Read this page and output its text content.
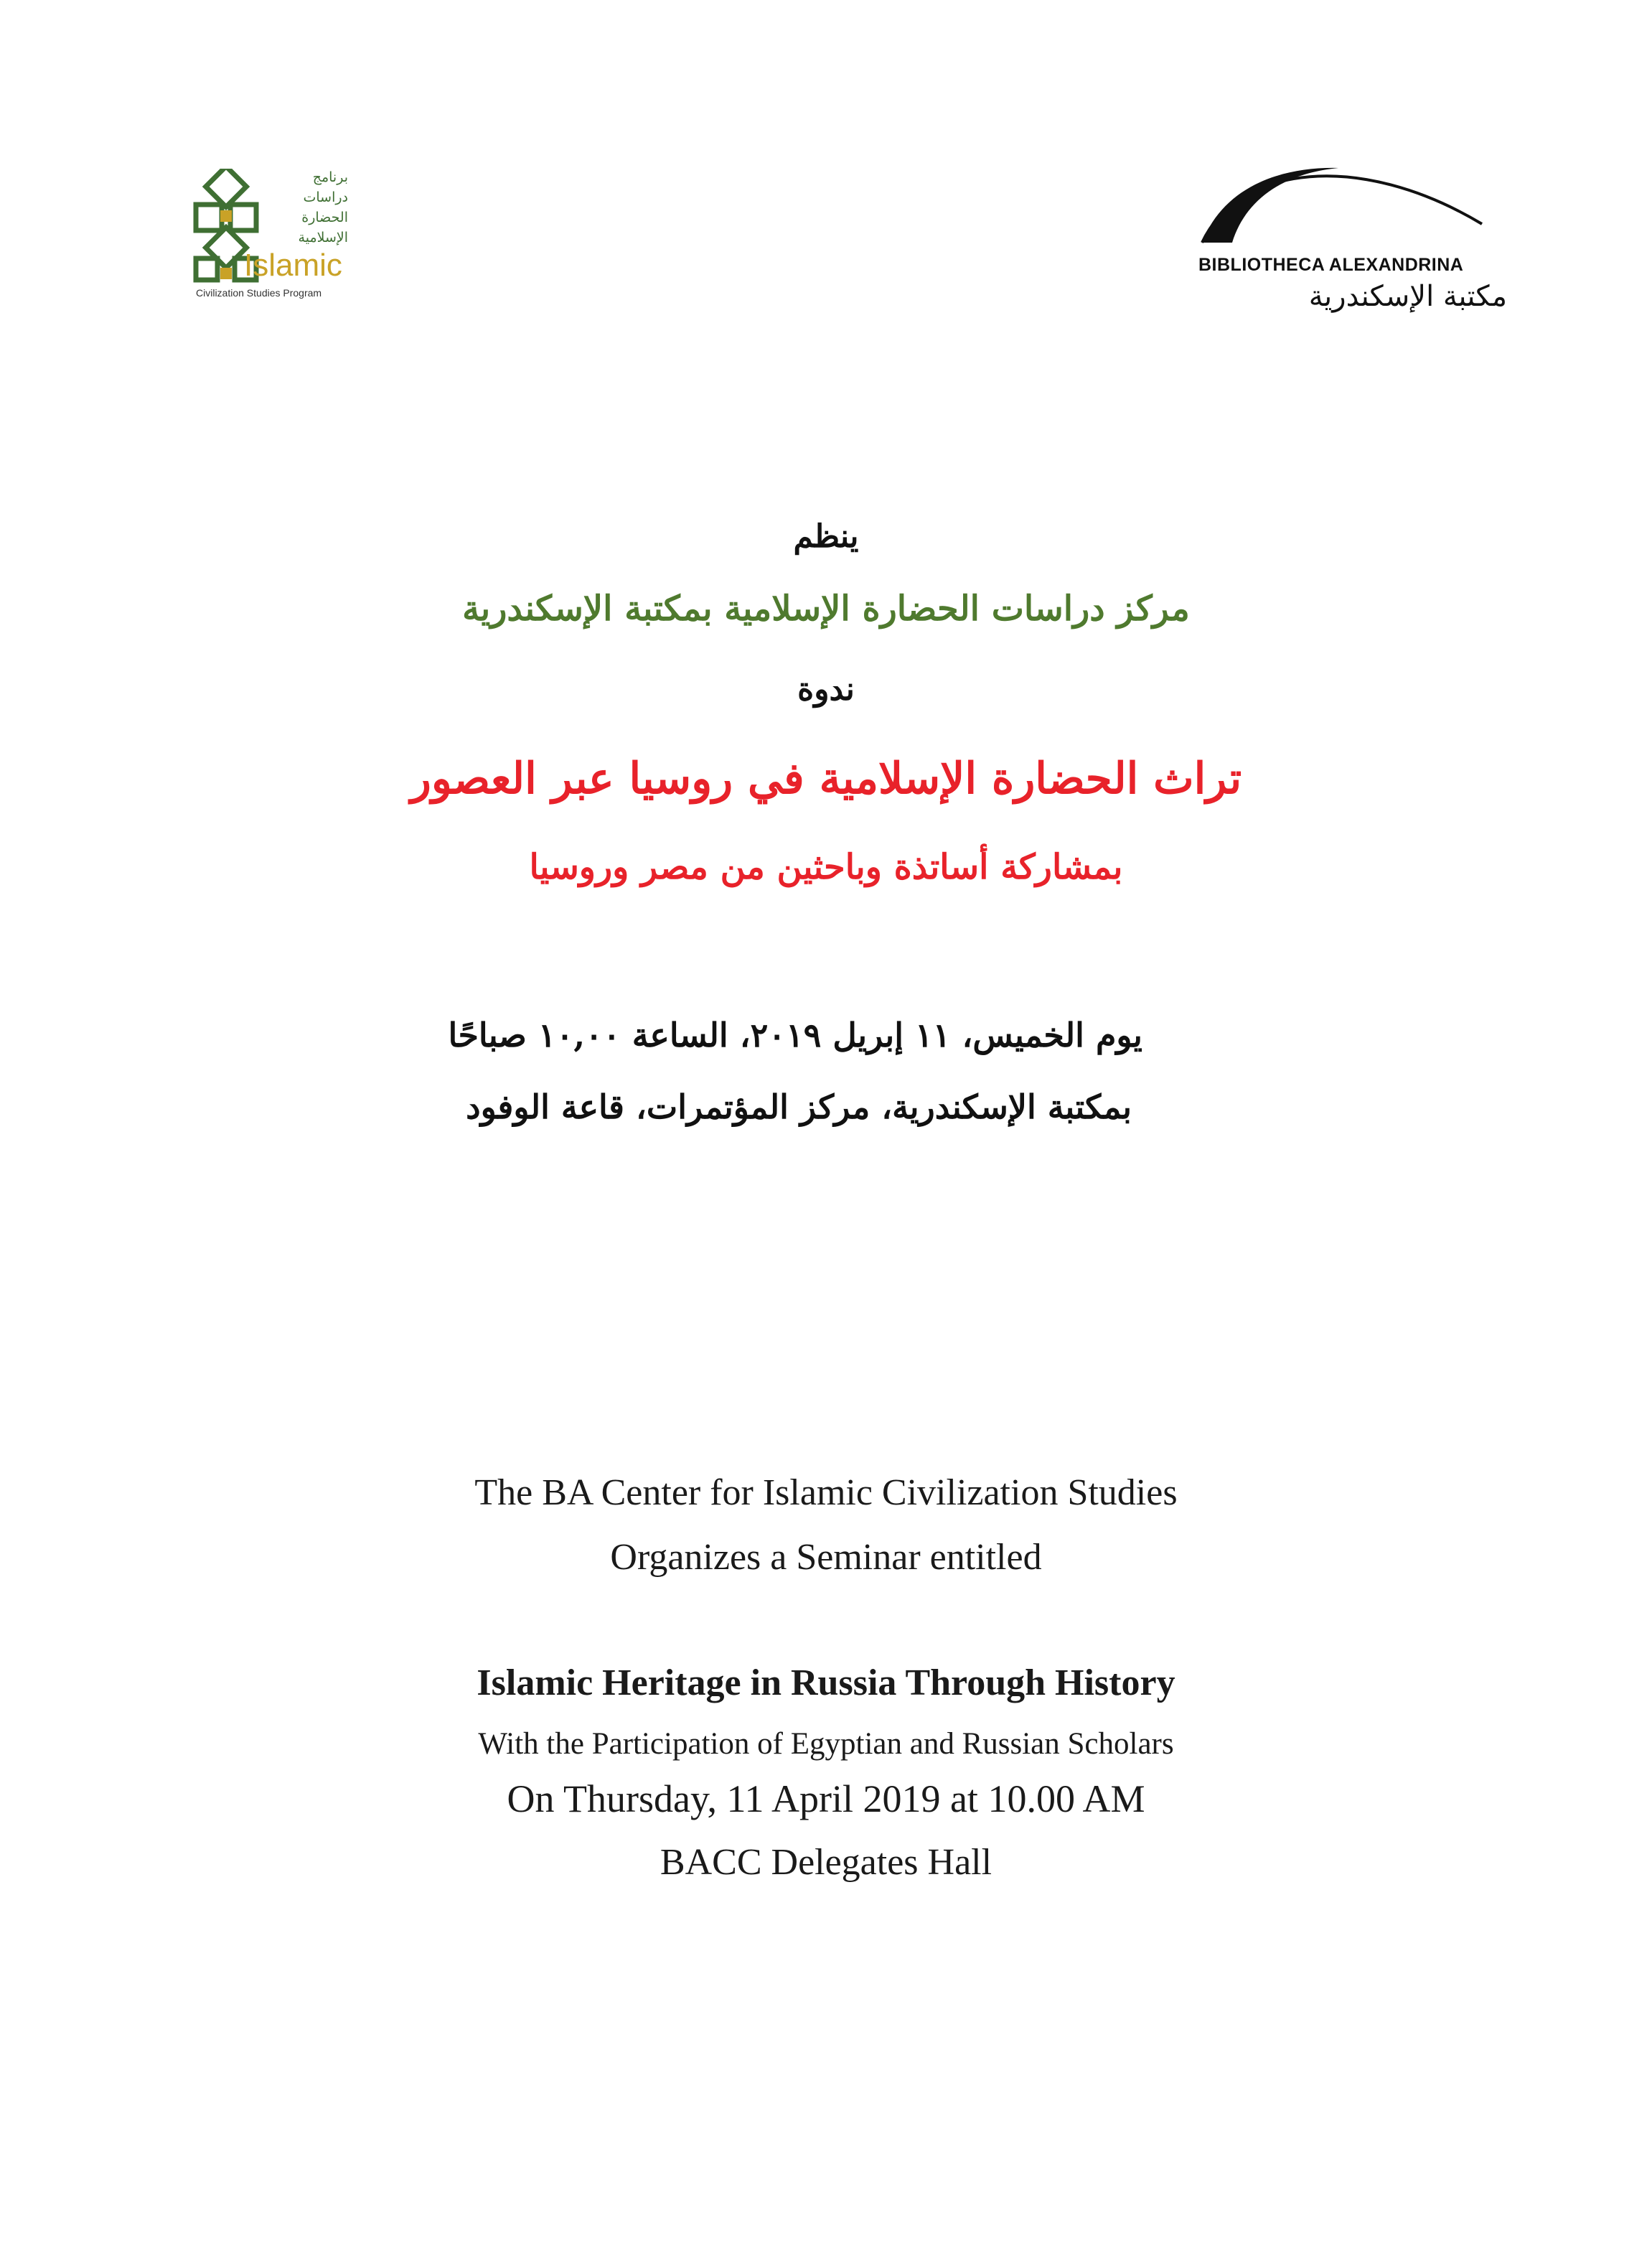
برنامج
دراسات
الحضارة
الإسلامية
Islamic
Civilization Studies Program
BIBLIOTHECA ALEXANDRINA
مكتبة الإسكندرية
ينظم
مركز دراسات الحضارة الإسلامية بمكتبة الإسكندرية
ندوة
تراث الحضارة الإسلامية في روسيا عبر العصور
بمشاركة أساتذة وباحثين من مصر وروسيا
يوم الخميس، ١١ إبريل ٢٠١٩، الساعة ١٠,٠٠ صباحًا
بمكتبة الإسكندرية، مركز المؤتمرات، قاعة الوفود
The BA Center for Islamic Civilization Studies
Organizes a Seminar entitled
Islamic Heritage in Russia Through History
With the Participation of Egyptian and Russian Scholars
On Thursday, 11 April 2019 at 10.00 AM
BACC Delegates Hall
